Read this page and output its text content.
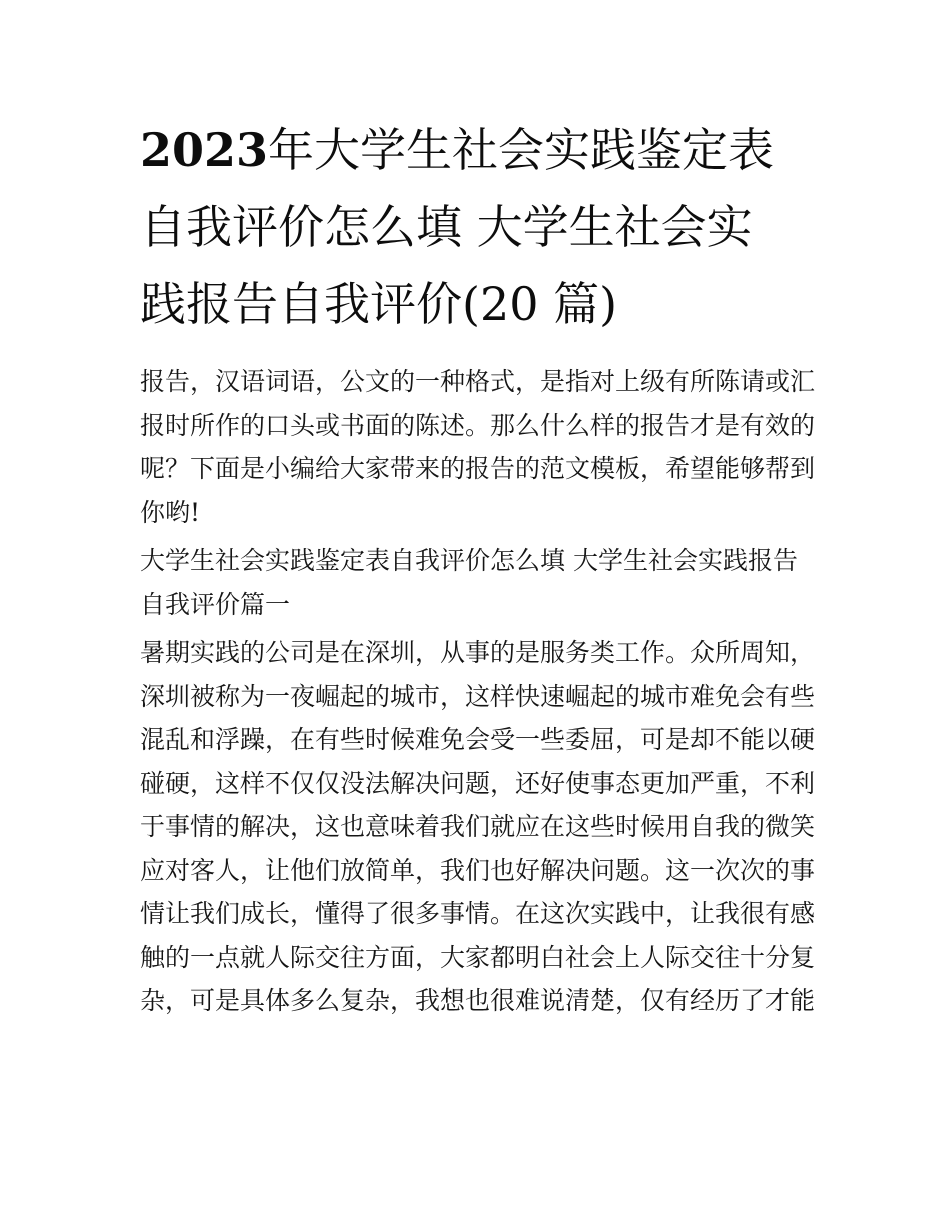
2023年大学生社会实践鉴定表
自我评价怎么填 大学生社会实
践报告自我评价(20 篇)
报告，汉语词语，公文的一种格式，是指对上级有所陈请或汇
报时所作的口头或书面的陈述。那么什么样的报告才是有效的
呢？下面是小编给大家带来的报告的范文模板，希望能够帮到
你哟!
大学生社会实践鉴定表自我评价怎么填 大学生社会实践报告
自我评价篇一
暑期实践的公司是在深圳，从事的是服务类工作。众所周知，
深圳被称为一夜崛起的城市，这样快速崛起的城市难免会有些
混乱和浮躁，在有些时候难免会受一些委屈，可是却不能以硬
碰硬，这样不仅仅没法解决问题，还好使事态更加严重，不利
于事情的解决，这也意味着我们就应在这些时候用自我的微笑
应对客人，让他们放简单，我们也好解决问题。这一次次的事
情让我们成长，懂得了很多事情。在这次实践中，让我很有感
触的一点就人际交往方面，大家都明白社会上人际交往十分复
杂，可是具体多么复杂，我想也很难说清楚，仅有经历了才能
